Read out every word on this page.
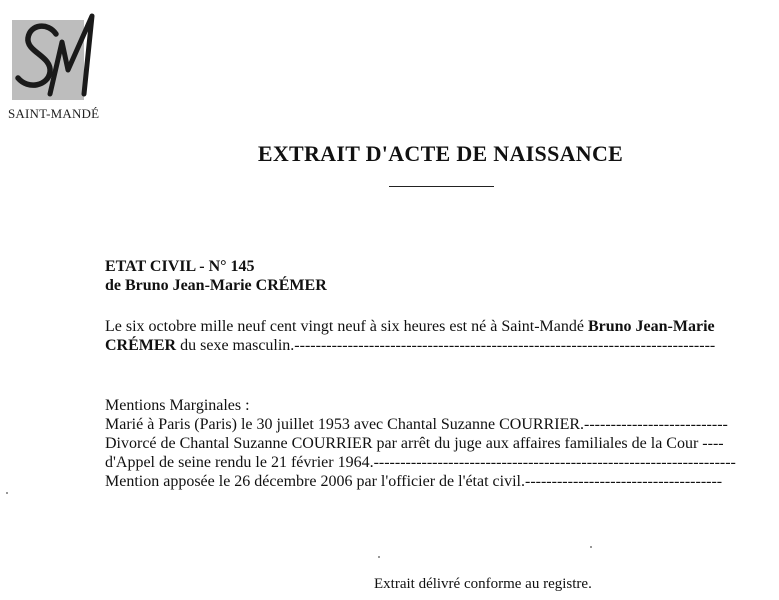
SAINT-MANDÉ
EXTRAIT D'ACTE DE NAISSANCE
ETAT CIVIL - N° 145
de Bruno Jean-Marie CRÉMER
Le six octobre mille neuf cent vingt neuf à six heures est né à Saint-Mandé Bruno Jean-Marie
CRÉMER du sexe masculin.-------------------------------------------------------------------------------
Mentions Marginales :
Marié à Paris (Paris) le 30 juillet 1953 avec Chantal Suzanne COURRIER.---------------------------
Divorcé de Chantal Suzanne COURRIER par arrêt du juge aux affaires familiales de la Cour ----
d'Appel de seine rendu le 21 février 1964.--------------------------------------------------------------------
Mention apposée le 26 décembre 2006 par l'officier de l'état civil.-------------------------------------
Extrait délivré conforme au registre.
